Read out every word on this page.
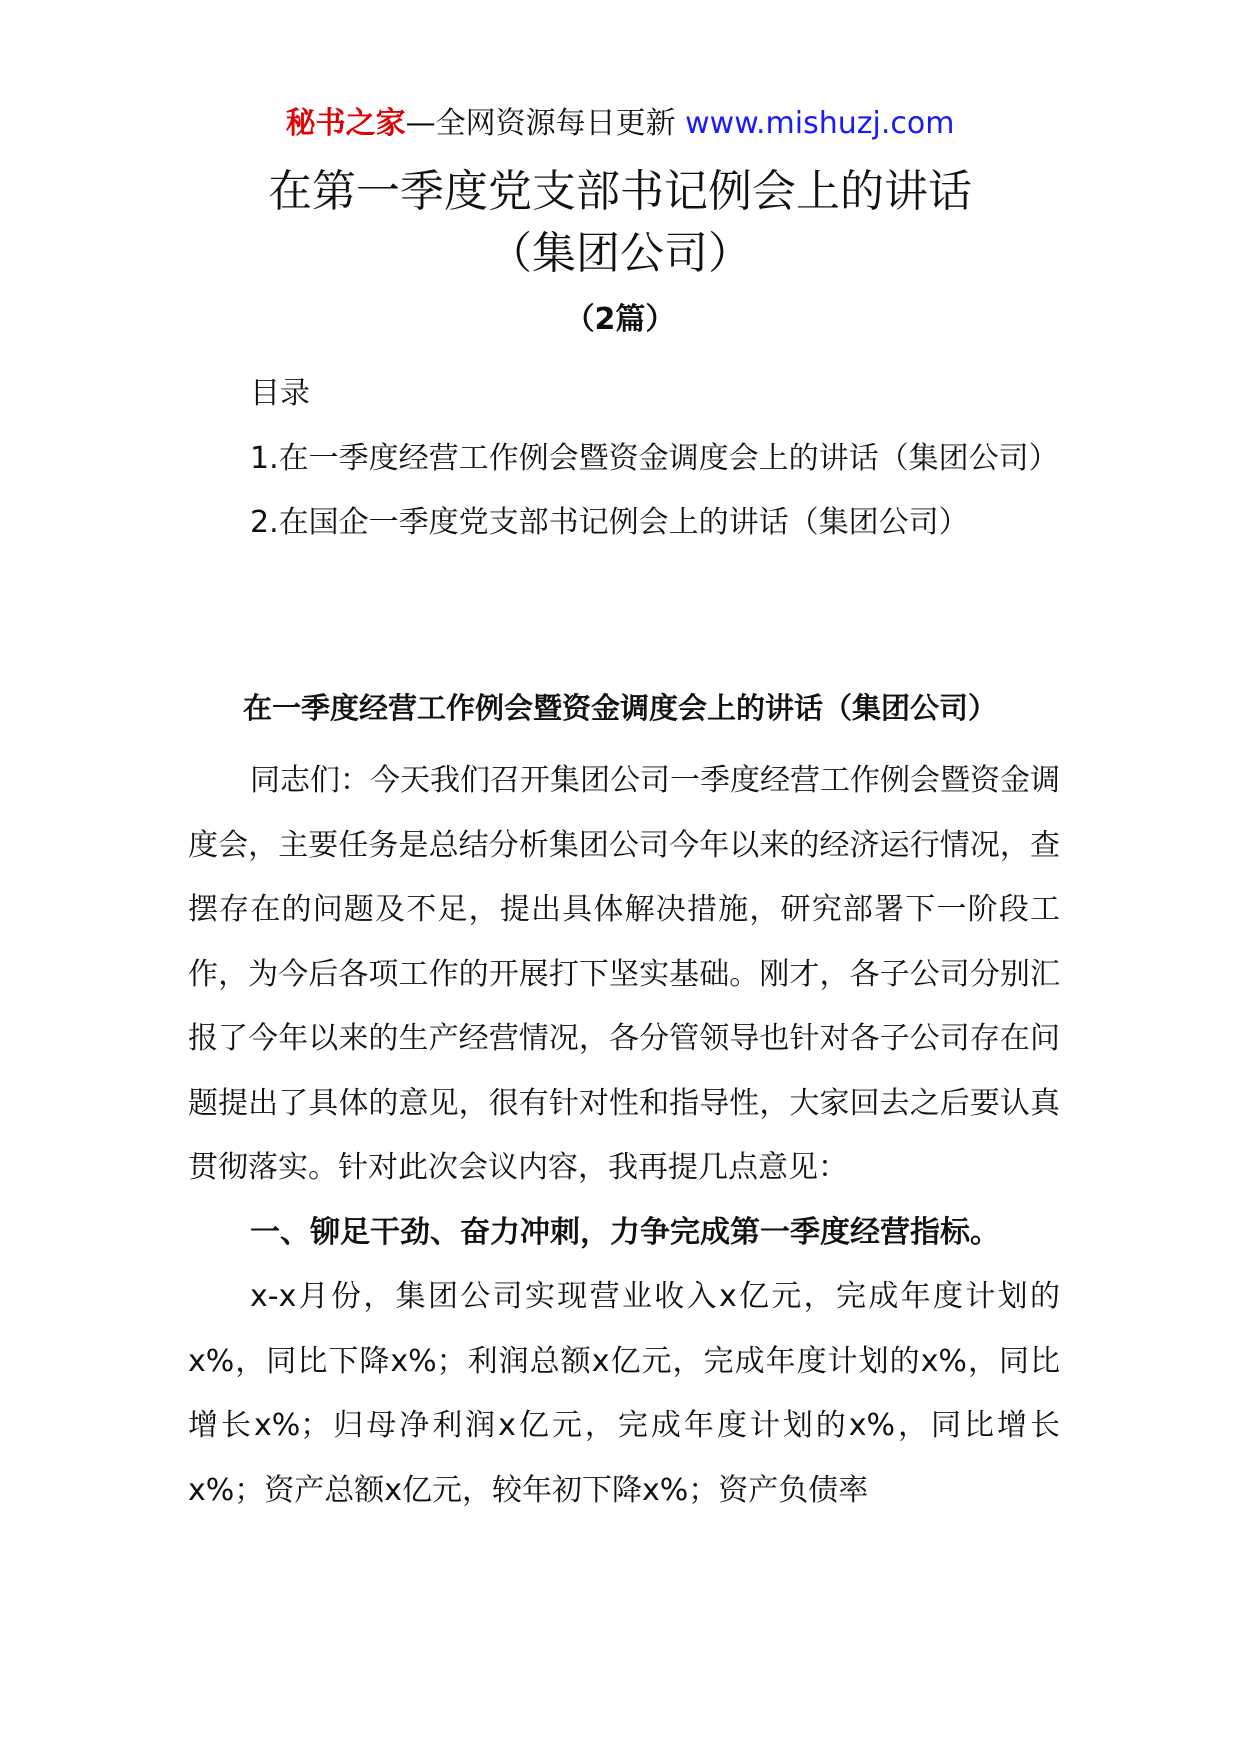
秘书之家—全网资源每日更新 www.mishuzj.com
在第一季度党支部书记例会上的讲话
（集团公司）
（2篇）

目录

1.在一季度经营工作例会暨资金调度会上的讲话（集团公司）

2.在国企一季度党支部书记例会上的讲话（集团公司）

在一季度经营工作例会暨资金调度会上的讲话（集团公司）

同志们：今天我们召开集团公司一季度经营工作例会暨资金调度会，主要任务是总结分析集团公司今年以来的经济运行情况，查摆存在的问题及不足，提出具体解决措施，研究部署下一阶段工作，为今后各项工作的开展打下坚实基础。刚才，各子公司分别汇报了今年以来的生产经营情况，各分管领导也针对各子公司存在问题提出了具体的意见，很有针对性和指导性，大家回去之后要认真贯彻落实。针对此次会议内容，我再提几点意见：

一、铆足干劲、奋力冲刺，力争完成第一季度经营指标。

x-x月份，集团公司实现营业收入x亿元，完成年度计划的x%，同比下降x%；利润总额x亿元，完成年度计划的x%，同比增长x%；归母净利润x亿元，完成年度计划的x%，同比增长x%；资产总额x亿元，较年初下降x%；资产负债率
